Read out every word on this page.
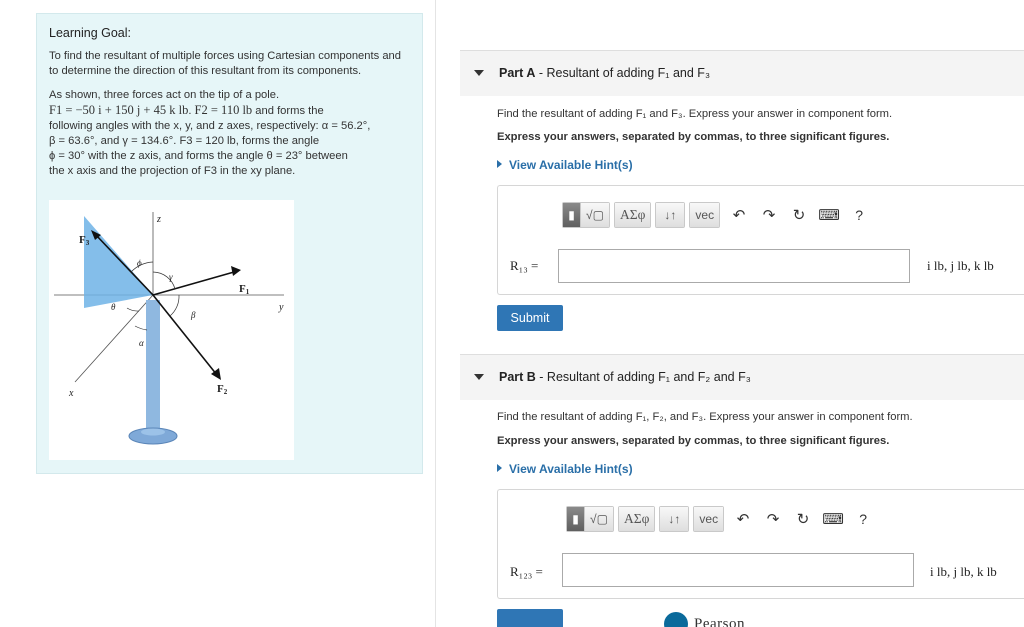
Learning Goal:

To find the resultant of multiple forces using Cartesian components and to determine the direction of this resultant from its components.

As shown, three forces act on the tip of a pole.
F1 = −50 i + 150 j + 45 k lb. F2 = 110 lb and forms the
following angles with the x, y, and z axes, respectively: α = 56.2°,
β = 63.6°, and γ = 134.6°. F3 = 120 lb, forms the angle
ϕ = 30° with the z axis, and forms the angle θ = 23° between
the x axis and the projection of F3 in the xy plane.

z
y
x
F3
F1
F2
ϕ
γ
θ
β
α
Part A - Resultant of adding F₁ and F₃
Find the resultant of adding F₁ and F₃. Express your answer in component form.
Express your answers, separated by commas, to three significant figures.
View Available Hint(s)
▮ √▢	ΑΣφ	↓↑	vec	↶	↷	↻ ⌨	?
R₁₃ =	i lb, j lb, k lb
Submit
Part B - Resultant of adding F₁ and F₂ and F₃
Find the resultant of adding F₁, F₂, and F₃. Express your answer in component form.
Express your answers, separated by commas, to three significant figures.
View Available Hint(s)
▮ √▢	ΑΣφ	↓↑	vec	↶	↷	↻ ⌨	?
R₁₂₃ =	i lb, j lb, k lb
Pearson
